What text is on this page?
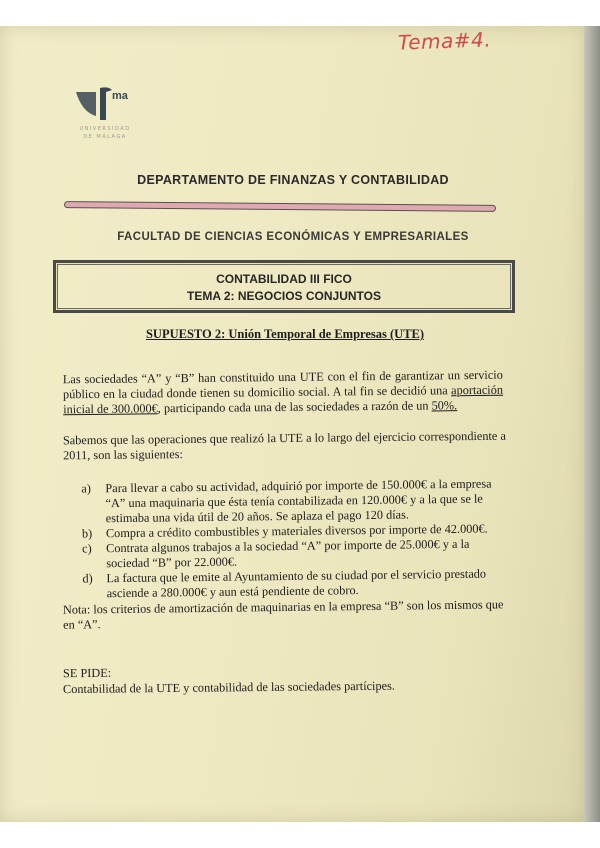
Tema#4.
ma
UNIVERSIDAD
DE MÁLAGA
DEPARTAMENTO DE FINANZAS Y CONTABILIDAD
FACULTAD DE CIENCIAS ECONÓMICAS Y EMPRESARIALES
CONTABILIDAD III FICO
TEMA 2: NEGOCIOS CONJUNTOS
SUPUESTO 2: Unión Temporal de Empresas (UTE)
Las sociedades “A” y “B” han constituido una UTE con el fin de garantizar un servicio público en la ciudad donde tienen su domicilio social. A tal fin se decidió una aportación inicial de 300.000€, participando cada una de las sociedades a razón de un 50%.
Sabemos que las operaciones que realizó la UTE a lo largo del ejercicio correspondiente a 2011, son las siguientes:
a) Para llevar a cabo su actividad, adquirió por importe de 150.000€ a la empresa “A” una maquinaria que ésta tenía contabilizada en 120.000€ y a la que se le estimaba una vida útil de 20 años. Se aplaza el pago 120 días.
b) Compra a crédito combustibles y materiales diversos por importe de 42.000€.
c) Contrata algunos trabajos a la sociedad “A” por importe de 25.000€ y a la sociedad “B” por 22.000€.
d) La factura que le emite al Ayuntamiento de su ciudad por el servicio prestado asciende a 280.000€ y aun está pendiente de cobro.
Nota: los criterios de amortización de maquinarias en la empresa “B” son los mismos que en “A”.
SE PIDE:
Contabilidad de la UTE y contabilidad de las sociedades partícipes.
